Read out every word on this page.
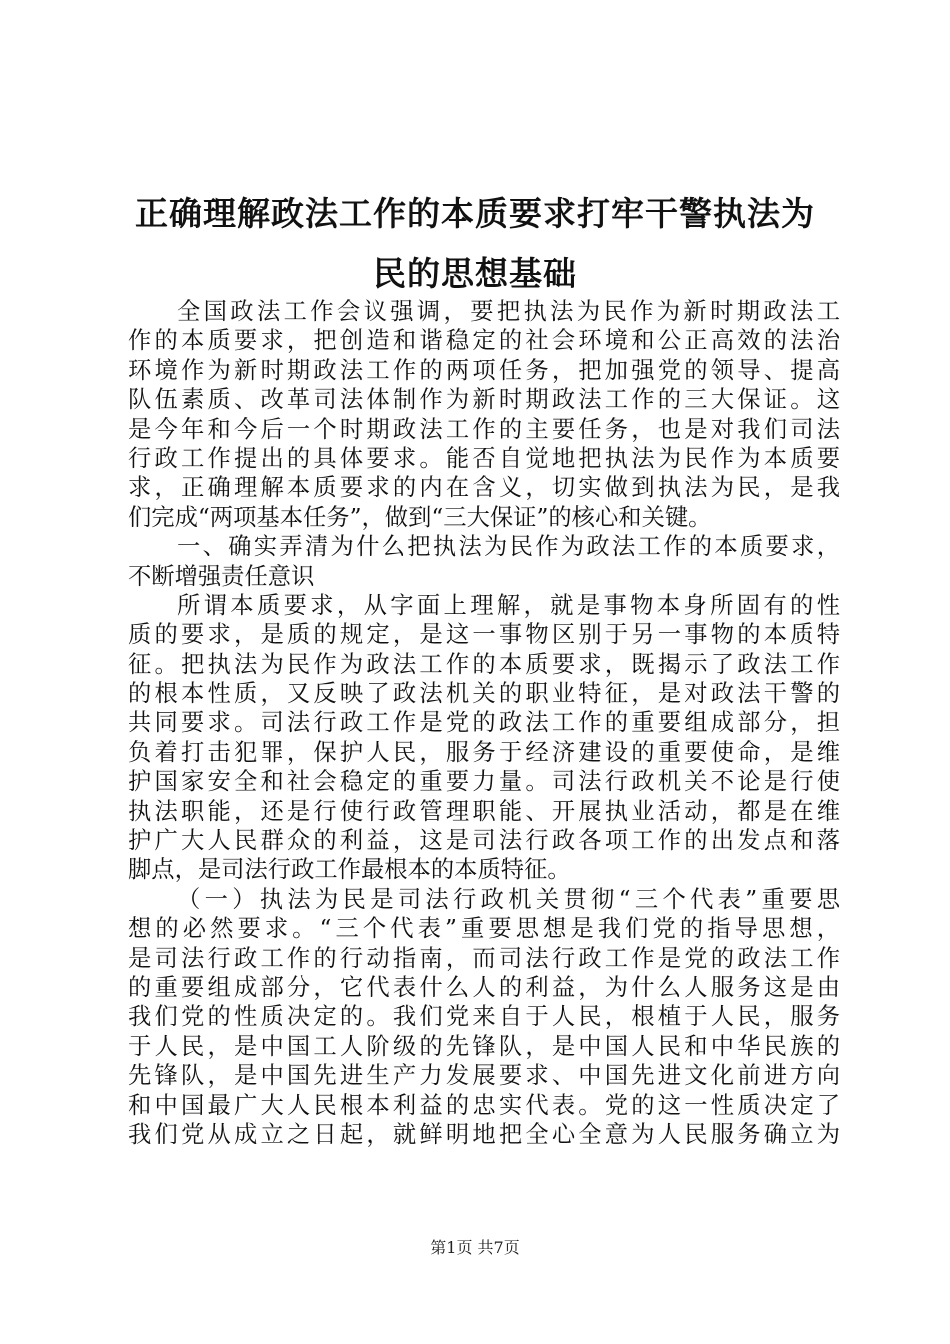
正确理解政法工作的本质要求打牢干警执法为
民的思想基础
全国政法工作会议强调，要把执法为民作为新时期政法工
作的本质要求，把创造和谐稳定的社会环境和公正高效的法治
环境作为新时期政法工作的两项任务，把加强党的领导、提高
队伍素质、改革司法体制作为新时期政法工作的三大保证。这
是今年和今后一个时期政法工作的主要任务，也是对我们司法
行政工作提出的具体要求。能否自觉地把执法为民作为本质要
求，正确理解本质要求的内在含义，切实做到执法为民，是我
们完成“两项基本任务”，做到“三大保证”的核心和关键。
一、确实弄清为什么把执法为民作为政法工作的本质要求，
不断增强责任意识
所谓本质要求，从字面上理解，就是事物本身所固有的性
质的要求，是质的规定，是这一事物区别于另一事物的本质特
征。把执法为民作为政法工作的本质要求，既揭示了政法工作
的根本性质，又反映了政法机关的职业特征，是对政法干警的
共同要求。司法行政工作是党的政法工作的重要组成部分，担
负着打击犯罪，保护人民，服务于经济建设的重要使命，是维
护国家安全和社会稳定的重要力量。司法行政机关不论是行使
执法职能，还是行使行政管理职能、开展执业活动，都是在维
护广大人民群众的利益，这是司法行政各项工作的出发点和落
脚点，是司法行政工作最根本的本质特征。
（一）执法为民是司法行政机关贯彻“三个代表”重要思
想的必然要求。“三个代表”重要思想是我们党的指导思想，
是司法行政工作的行动指南，而司法行政工作是党的政法工作
的重要组成部分，它代表什么人的利益，为什么人服务这是由
我们党的性质决定的。我们党来自于人民，根植于人民，服务
于人民，是中国工人阶级的先锋队，是中国人民和中华民族的
先锋队，是中国先进生产力发展要求、中国先进文化前进方向
和中国最广大人民根本利益的忠实代表。党的这一性质决定了
我们党从成立之日起，就鲜明地把全心全意为人民服务确立为
第1页 共7页
